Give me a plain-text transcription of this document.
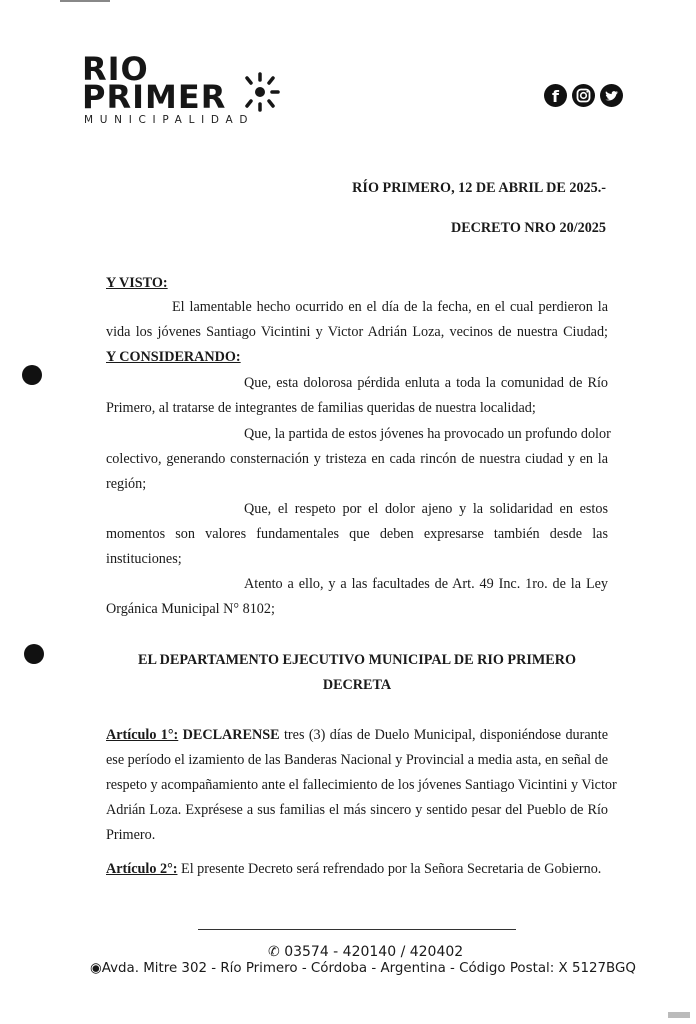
RIO
PRIMER
MUNICIPALIDAD
f
RÍO PRIMERO, 12 DE ABRIL DE 2025.-
DECRETO NRO 20/2025
Y VISTO:
El lamentable hecho ocurrido en el día de la fecha, en el cual perdieron la
vida los jóvenes Santiago Vicintini y Victor Adrián Loza, vecinos de nuestra Ciudad;
Y CONSIDERANDO:
Que, esta dolorosa pérdida enluta a toda la comunidad de Río
Primero, al tratarse de integrantes de familias queridas de nuestra localidad;
Que, la partida de estos jóvenes ha provocado un profundo dolor
colectivo, generando consternación y tristeza en cada rincón de nuestra ciudad y en la
región;
Que, el respeto por el dolor ajeno y la solidaridad en estos
momentos son valores fundamentales que deben expresarse también desde las
instituciones;
Atento a ello, y a las facultades de Art. 49 Inc. 1ro. de la Ley
Orgánica Municipal N° 8102;
EL DEPARTAMENTO EJECUTIVO MUNICIPAL DE RIO PRIMERO
DECRETA
Artículo 1°: DECLARENSE tres (3) días de Duelo Municipal, disponiéndose durante
ese período el izamiento de las Banderas Nacional y Provincial a media asta, en señal de
respeto y acompañamiento ante el fallecimiento de los jóvenes Santiago Vicintini y Victor
Adrián Loza. Exprésese a sus familias el más sincero y sentido pesar del Pueblo de Río
Primero.
Artículo 2°: El presente Decreto será refrendado por la Señora Secretaria de Gobierno.
✆ 03574 - 420140 / 420402
◉Avda. Mitre 302 - Río Primero - Córdoba - Argentina - Código Postal: X 5127BGQ
